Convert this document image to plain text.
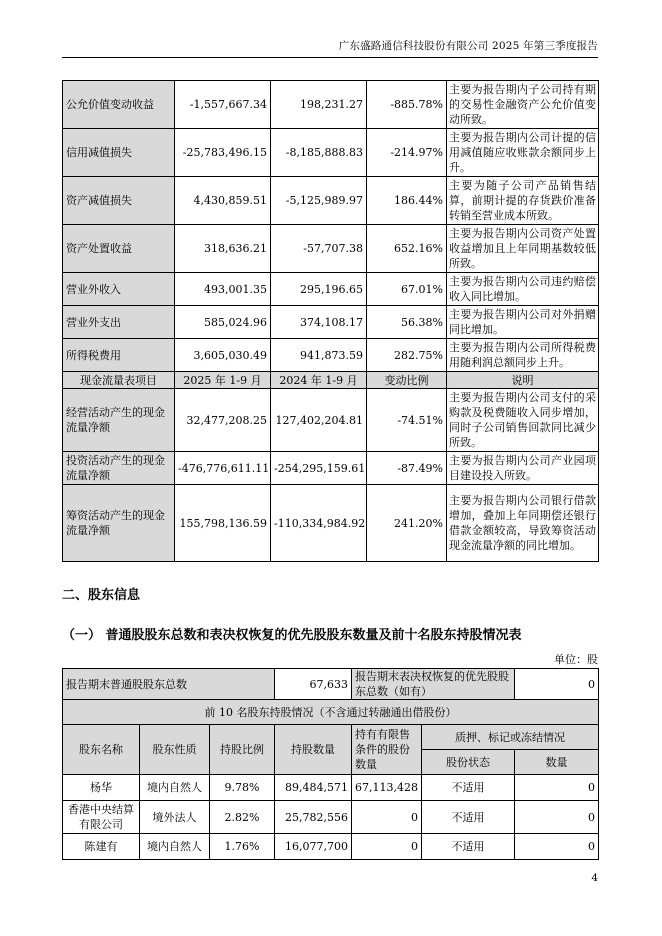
广东盛路通信科技股份有限公司 2025 年第三季度报告
公允价值变动收益	-1,557,667.34	198,231.27	-885.78%	主要为报告期内子公司持有期的交易性金融资产公允价值变动所致。
信用减值损失	-25,783,496.15	-8,185,888.83	-214.97%	主要为报告期内公司计提的信用减值随应收账款余额同步上升。
资产减值损失	4,430,859.51	-5,125,989.97	186.44%	主要为随子公司产品销售结算，前期计提的存货跌价准备转销至营业成本所致。
资产处置收益	318,636.21	-57,707.38	652.16%	主要为报告期内公司资产处置收益增加且上年同期基数较低所致。
营业外收入	493,001.35	295,196.65	67.01%	主要为报告期内公司违约赔偿收入同比增加。
营业外支出	585,024.96	374,108.17	56.38%	主要为报告期内公司对外捐赠同比增加。
所得税费用	3,605,030.49	941,873.59	282.75%	主要为报告期内公司所得税费用随利润总额同步上升。
现金流量表项目	2025 年 1-9 月	2024 年 1-9 月	变动比例	说明
经营活动产生的现金流量净额	32,477,208.25	127,402,204.81	-74.51%	主要为报告期内公司支付的采购款及税费随收入同步增加，同时子公司销售回款同比减少所致。
投资活动产生的现金流量净额	-476,776,611.11	-254,295,159.61	-87.49%	主要为报告期内公司产业园项目建设投入所致。
筹资活动产生的现金流量净额	155,798,136.59	-110,334,984.92	241.20%	主要为报告期内公司银行借款增加，叠加上年同期偿还银行借款金额较高，导致筹资活动现金流量净额的同比增加。
二、股东信息
（一） 普通股股东总数和表决权恢复的优先股股东数量及前十名股东持股情况表
单位：股
报告期末普通股股东总数			67,633	报告期末表决权恢复的优先股股东总数（如有）		0
前 10 名股东持股情况（不含通过转融通出借股份）						
股东名称	股东性质	持股比例	持股数量	持有有限售条件的股份数量	质押、标记或冻结情况	
					股份状态	数量
杨华	境内自然人	9.78%	89,484,571	67,113,428	不适用	0
香港中央结算有限公司	境外法人	2.82%	25,782,556	0	不适用	0
陈建有	境内自然人	1.76%	16,077,700	0	不适用	0
4
